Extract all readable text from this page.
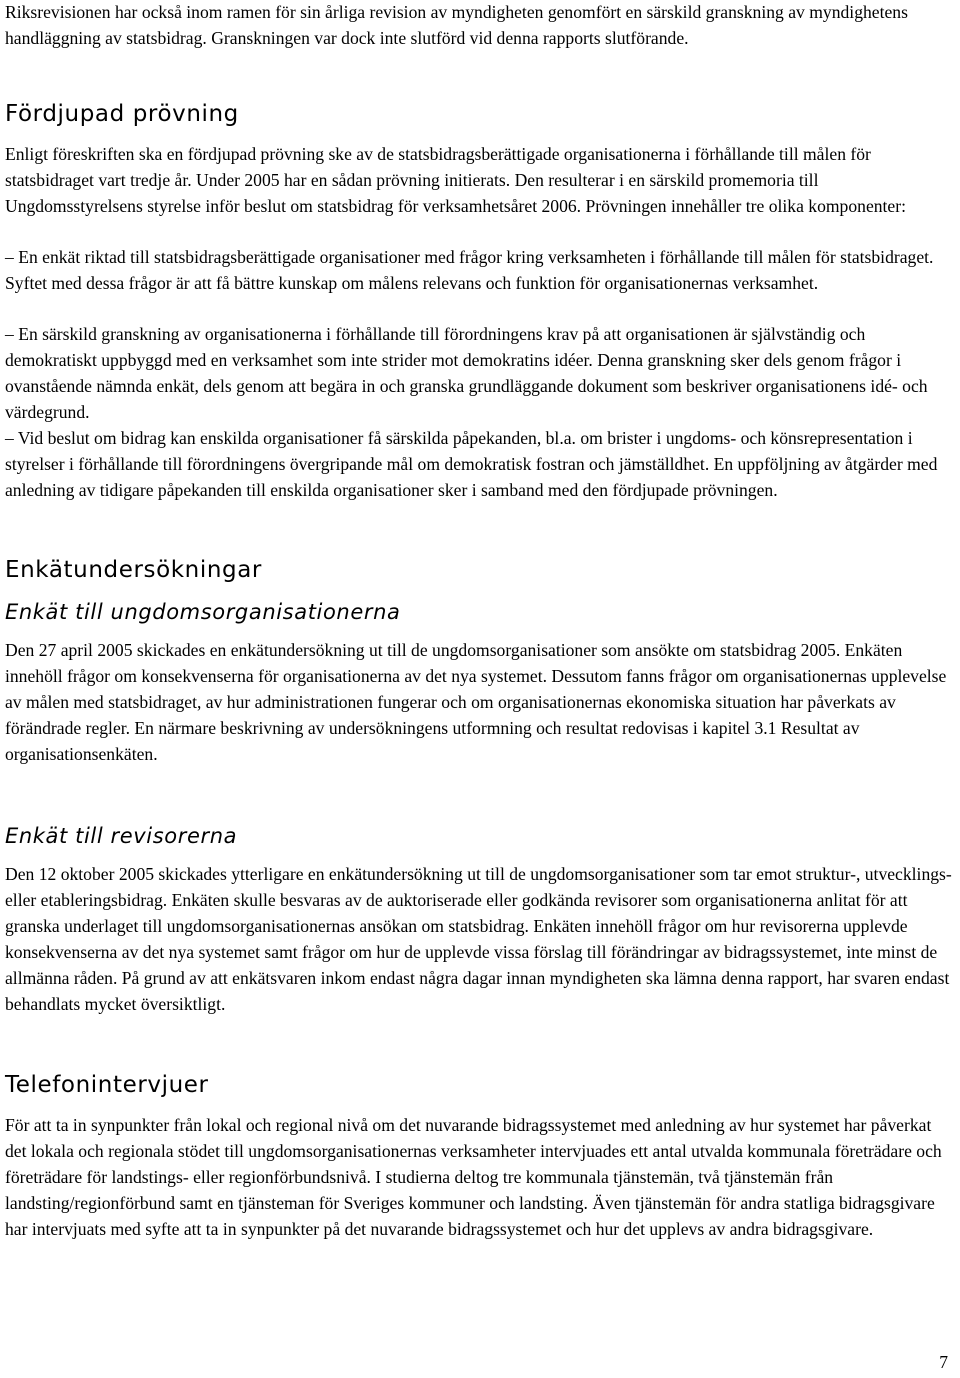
Riksrevisionen har också inom ramen för sin årliga revision av myndigheten genomfört en särskild granskning av myndighetens handläggning av statsbidrag. Granskningen var dock inte slutförd vid denna rapports slutförande.

Fördjupad prövning

Enligt föreskriften ska en fördjupad prövning ske av de statsbidragsberättigade organisationerna i förhållande till målen för statsbidraget vart tredje år. Under 2005 har en sådan prövning initierats. Den resulterar i en särskild promemoria till Ungdomsstyrelsens styrelse inför beslut om statsbidrag för verksamhetsåret 2006. Prövningen innehåller tre olika komponenter:

– En enkät riktad till statsbidragsberättigade organisationer med frågor kring verksamheten i förhållande till målen för statsbidraget. Syftet med dessa frågor är att få bättre kunskap om målens relevans och funktion för organisationernas verksamhet.

– En särskild granskning av organisationerna i förhållande till förordningens krav på att organisationen är självständig och demokratiskt uppbyggd med en verksamhet som inte strider mot demokratins idéer. Denna granskning sker dels genom frågor i ovanstående nämnda enkät, dels genom att begära in och granska grundläggande dokument som beskriver organisationens idé- och värdegrund.

– Vid beslut om bidrag kan enskilda organisationer få särskilda påpekanden, bl.a. om brister i ungdoms- och könsrepresentation i styrelser i förhållande till förordningens övergripande mål om demokratisk fostran och jämställdhet. En uppföljning av åtgärder med anledning av tidigare påpekanden till enskilda organisationer sker i samband med den fördjupade prövningen.

Enkätundersökningar
Enkät till ungdomsorganisationerna

Den 27 april 2005 skickades en enkätundersökning ut till de ungdomsorganisationer som ansökte om statsbidrag 2005. Enkäten innehöll frågor om konsekvenserna för organisationerna av det nya systemet. Dessutom fanns frågor om organisationernas upplevelse av målen med statsbidraget, av hur administrationen fungerar och om organisationernas ekonomiska situation har påverkats av förändrade regler. En närmare beskrivning av undersökningens utformning och resultat redovisas i kapitel 3.1 Resultat av organisationsenkäten.

Enkät till revisorerna

Den 12 oktober 2005 skickades ytterligare en enkätundersökning ut till de ungdomsorganisationer som tar emot struktur-, utvecklings- eller etableringsbidrag. Enkäten skulle besvaras av de auktoriserade eller godkända revisorer som organisationerna anlitat för att granska underlaget till ungdomsorganisationernas ansökan om statsbidrag. Enkäten innehöll frågor om hur revisorerna upplevde konsekvenserna av det nya systemet samt frågor om hur de upplevde vissa förslag till förändringar av bidragssystemet, inte minst de allmänna råden. På grund av att enkätsvaren inkom endast några dagar innan myndigheten ska lämna denna rapport, har svaren endast behandlats mycket översiktligt.

Telefonintervjuer

För att ta in synpunkter från lokal och regional nivå om det nuvarande bidragssystemet med anledning av hur systemet har påverkat det lokala och regionala stödet till ungdomsorganisationernas verksamheter intervjuades ett antal utvalda kommunala företrädare och företrädare för landstings- eller regionförbundsnivå. I studierna deltog tre kommunala tjänstemän, två tjänstemän från landsting/regionförbund samt en tjänsteman för Sveriges kommuner och landsting. Även tjänstemän för andra statliga bidragsgivare har intervjuats med syfte att ta in synpunkter på det nuvarande bidragssystemet och hur det upplevs av andra bidragsgivare.

7
